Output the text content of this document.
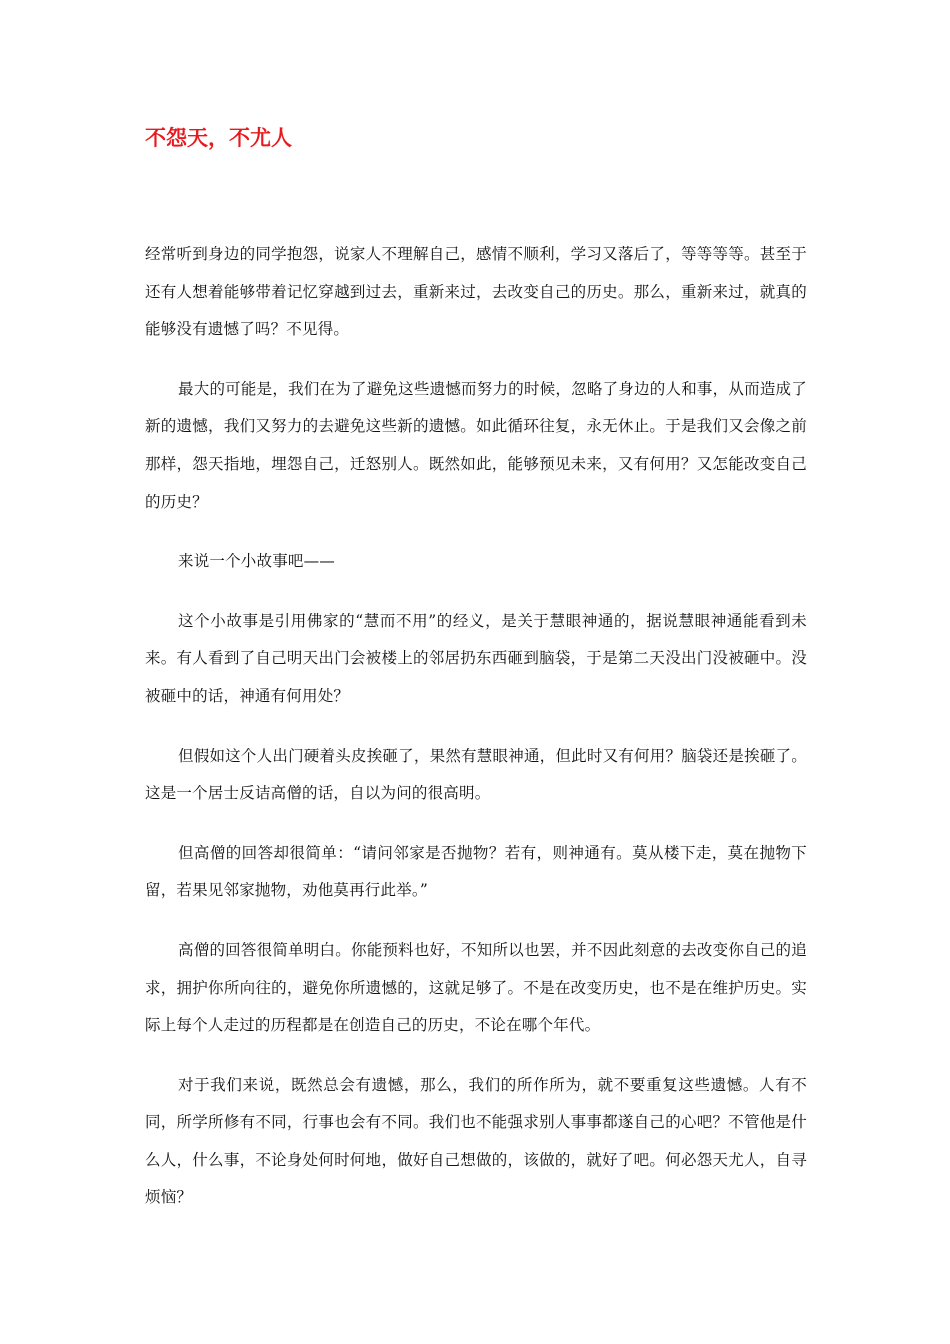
不怨天，不尤人

经常听到身边的同学抱怨，说家人不理解自己，感情不顺利，学习又落后了，等等等等。甚至于还有人想着能够带着记忆穿越到过去，重新来过，去改变自己的历史。那么，重新来过，就真的能够没有遗憾了吗？不见得。

最大的可能是，我们在为了避免这些遗憾而努力的时候，忽略了身边的人和事，从而造成了新的遗憾，我们又努力的去避免这些新的遗憾。如此循环往复，永无休止。于是我们又会像之前那样，怨天指地，埋怨自己，迁怒别人。既然如此，能够预见未来，又有何用？又怎能改变自己的历史？

来说一个小故事吧——

这个小故事是引用佛家的“慧而不用”的经义，是关于慧眼神通的，据说慧眼神通能看到未来。有人看到了自己明天出门会被楼上的邻居扔东西砸到脑袋，于是第二天没出门没被砸中。没被砸中的话，神通有何用处？

但假如这个人出门硬着头皮挨砸了，果然有慧眼神通，但此时又有何用？脑袋还是挨砸了。这是一个居士反诘高僧的话，自以为问的很高明。

但高僧的回答却很简单：“请问邻家是否抛物？若有，则神通有。莫从楼下走，莫在抛物下留，若果见邻家抛物，劝他莫再行此举。”

高僧的回答很简单明白。你能预料也好，不知所以也罢，并不因此刻意的去改变你自己的追求，拥护你所向往的，避免你所遗憾的，这就足够了。不是在改变历史，也不是在维护历史。实际上每个人走过的历程都是在创造自己的历史，不论在哪个年代。

对于我们来说，既然总会有遗憾，那么，我们的所作所为，就不要重复这些遗憾。人有不同，所学所修有不同，行事也会有不同。我们也不能强求别人事事都遂自己的心吧？不管他是什么人，什么事，不论身处何时何地，做好自己想做的，该做的，就好了吧。何必怨天尤人，自寻烦恼？
